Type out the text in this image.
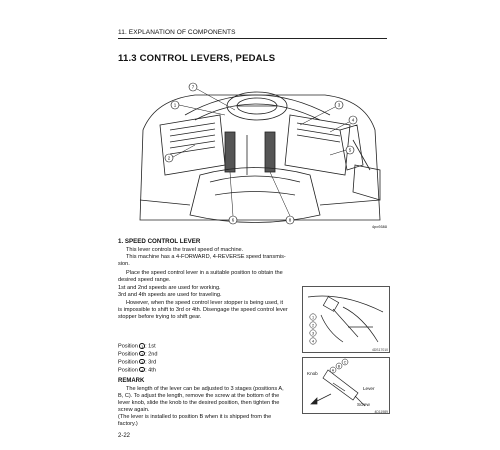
11. EXPLANATION OF COMPONENTS
11.3 CONTROL LEVERS, PEDALS
7
1
2
3
4
5
6	8
4pc0389
1. SPEED CONTROL LEVER
This lever controls the travel speed of machine.
This machine has a 4-FORWARD, 4-REVERSE speed transmis-
sion.
Place the speed control lever in a suitable position to obtain the
desired speed range.
1st and 2nd speeds are used for working.
3rd and 4th speeds are used for traveling.
However, when the speed control lever stopper is being used, it
is impossible to shift to 3rd or 4th. Disengage the speed control lever
stopper before trying to shift gear.
Position 1 : 1st
Position 2 : 2nd
Position 3 : 3rd
Position 4 : 4th
1
2
3
4
4DS17010
REMARK
The length of the lever can be adjusted to 3 stages (positions A,
B, C). To adjust the length, remove the screw at the bottom of the
lever knob, slide the knob to the desired position, then tighten the
screw again.
(The lever is installed to position B when it is shipped from the
factory.)
A
B
C
Knob
Lever
Screw
4D11989
2-22
